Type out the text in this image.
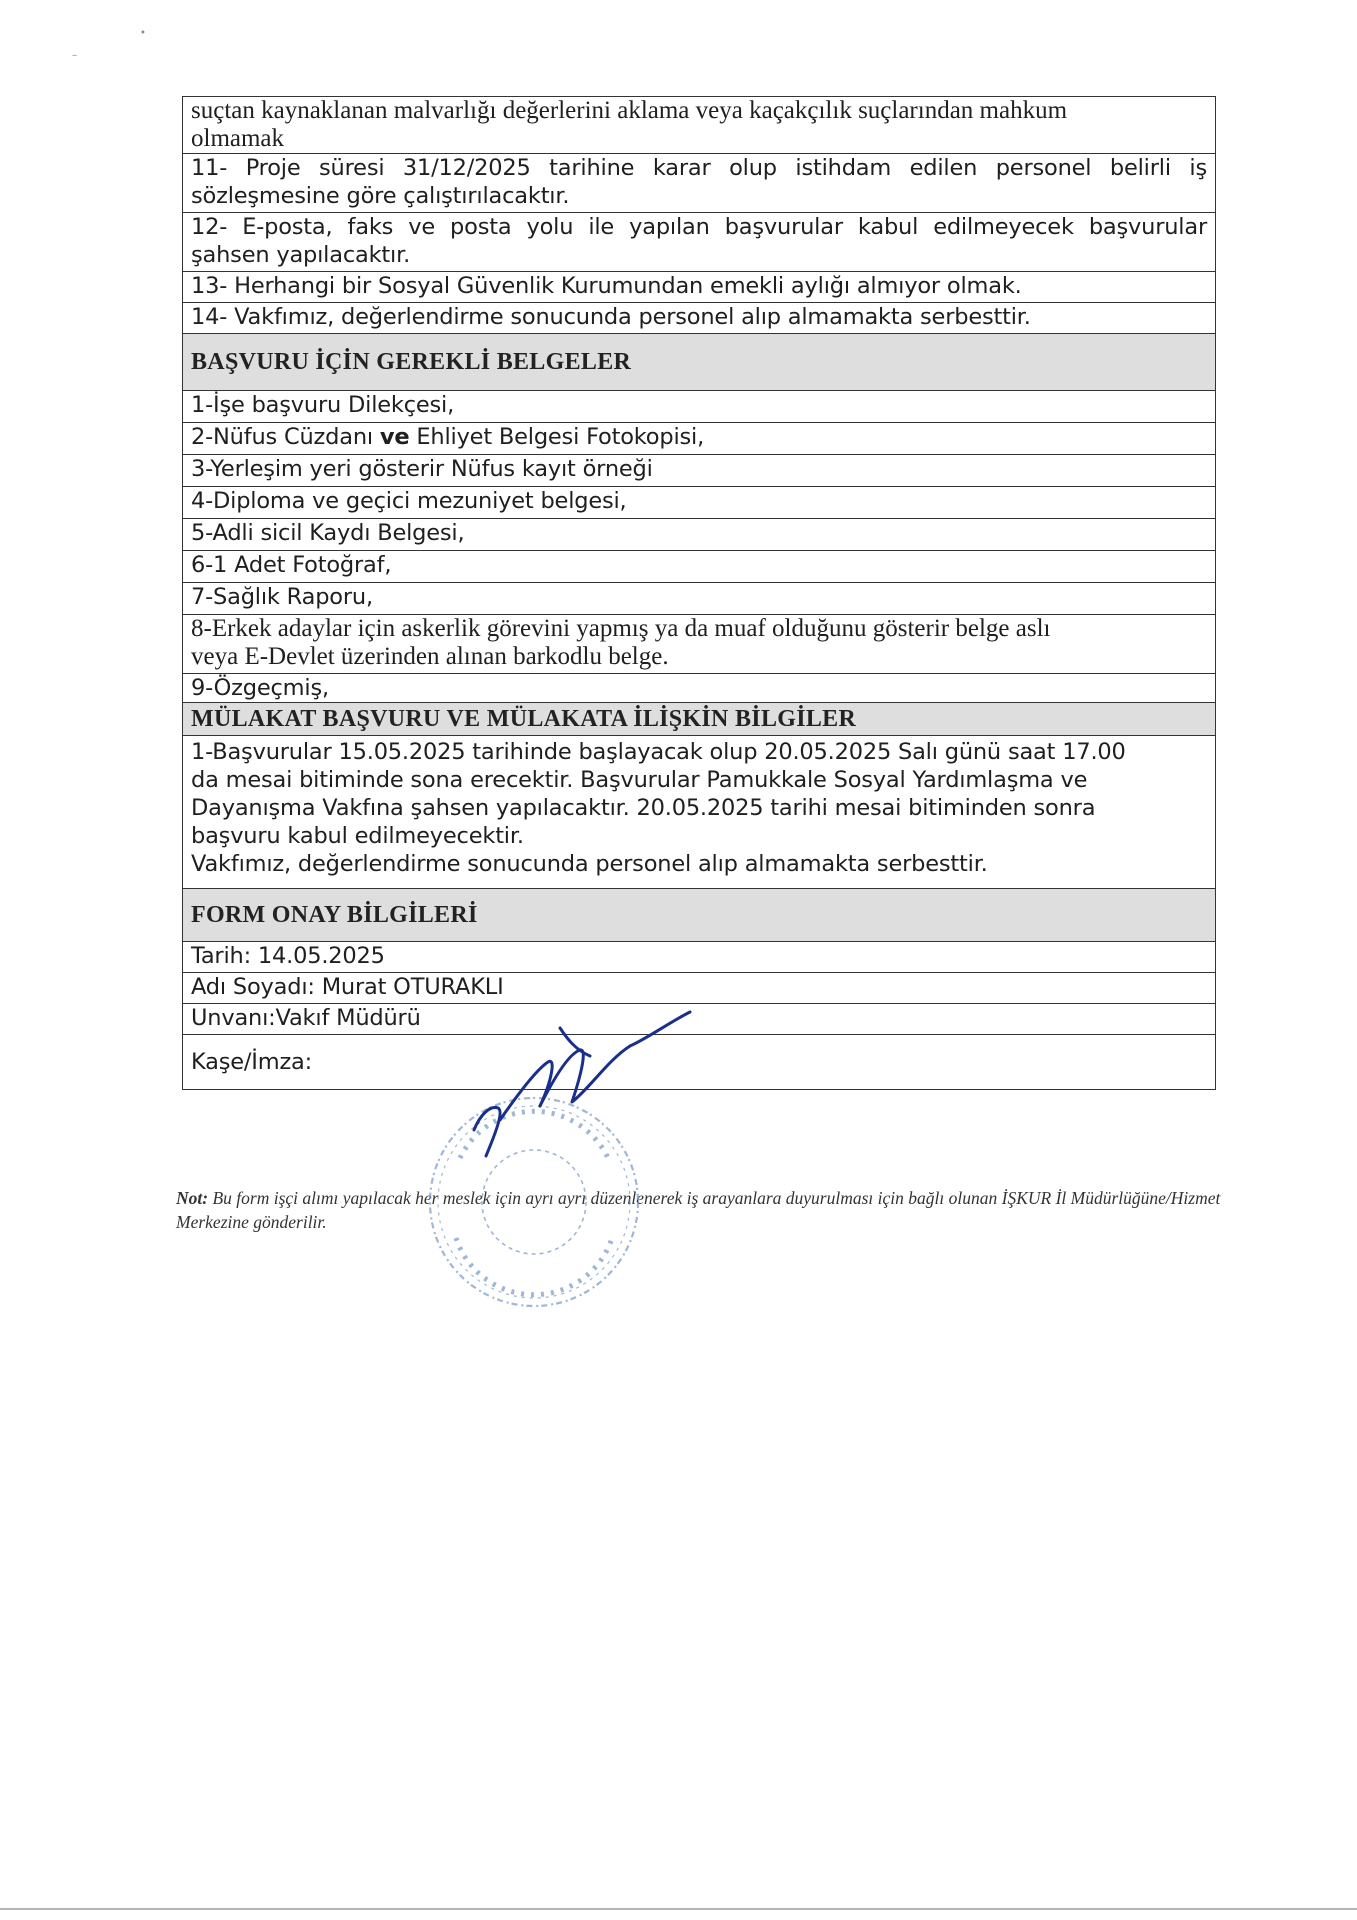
•
–
suçtan kaynaklanan malvarlığı değerlerini aklama veya kaçakçılık suçlarından mahkum
olmamak
11- Proje süresi 31/12/2025 tarihine karar olup istihdam edilen personel belirli iş
sözleşmesine göre çalıştırılacaktır.

12- E-posta, faks ve posta yolu ile yapılan başvurular kabul edilmeyecek başvurular
şahsen yapılacaktır.

13- Herhangi bir Sosyal Güvenlik Kurumundan emekli aylığı almıyor olmak.
14- Vakfımız, değerlendirme sonucunda personel alıp almamakta serbesttir.
BAŞVURU İÇİN GEREKLİ BELGELER
1-İşe başvuru Dilekçesi,
2-Nüfus Cüzdanı ve Ehliyet Belgesi Fotokopisi,
3-Yerleşim yeri gösterir Nüfus kayıt örneği
4-Diploma ve geçici mezuniyet belgesi,
5-Adli sicil Kaydı Belgesi,
6-1 Adet Fotoğraf,
7-Sağlık Raporu,
8-Erkek adaylar için askerlik görevini yapmış ya da muaf olduğunu gösterir belge aslı
veya E-Devlet üzerinden alınan barkodlu belge.
9-Özgeçmiş,
MÜLAKAT BAŞVURU VE MÜLAKATA İLİŞKİN BİLGİLER
1-Başvurular 15.05.2025 tarihinde başlayacak olup 20.05.2025 Salı günü saat 17.00
da mesai bitiminde sona erecektir. Başvurular Pamukkale Sosyal Yardımlaşma ve
Dayanışma Vakfına şahsen yapılacaktır. 20.05.2025 tarihi mesai bitiminden sonra
başvuru kabul edilmeyecektir.
Vakfımız, değerlendirme sonucunda personel alıp almamakta serbesttir.
FORM ONAY BİLGİLERİ
Tarih: 14.05.2025
Adı Soyadı: Murat OTURAKLI
Unvanı:Vakıf Müdürü
Kaşe/İmza:
Not: Bu form işçi alımı yapılacak her meslek için ayrı ayrı düzenlenerek iş arayanlara duyurulması için bağlı olunan İŞKUR İl Müdürlüğüne/Hizmet Merkezine gönderilir.
